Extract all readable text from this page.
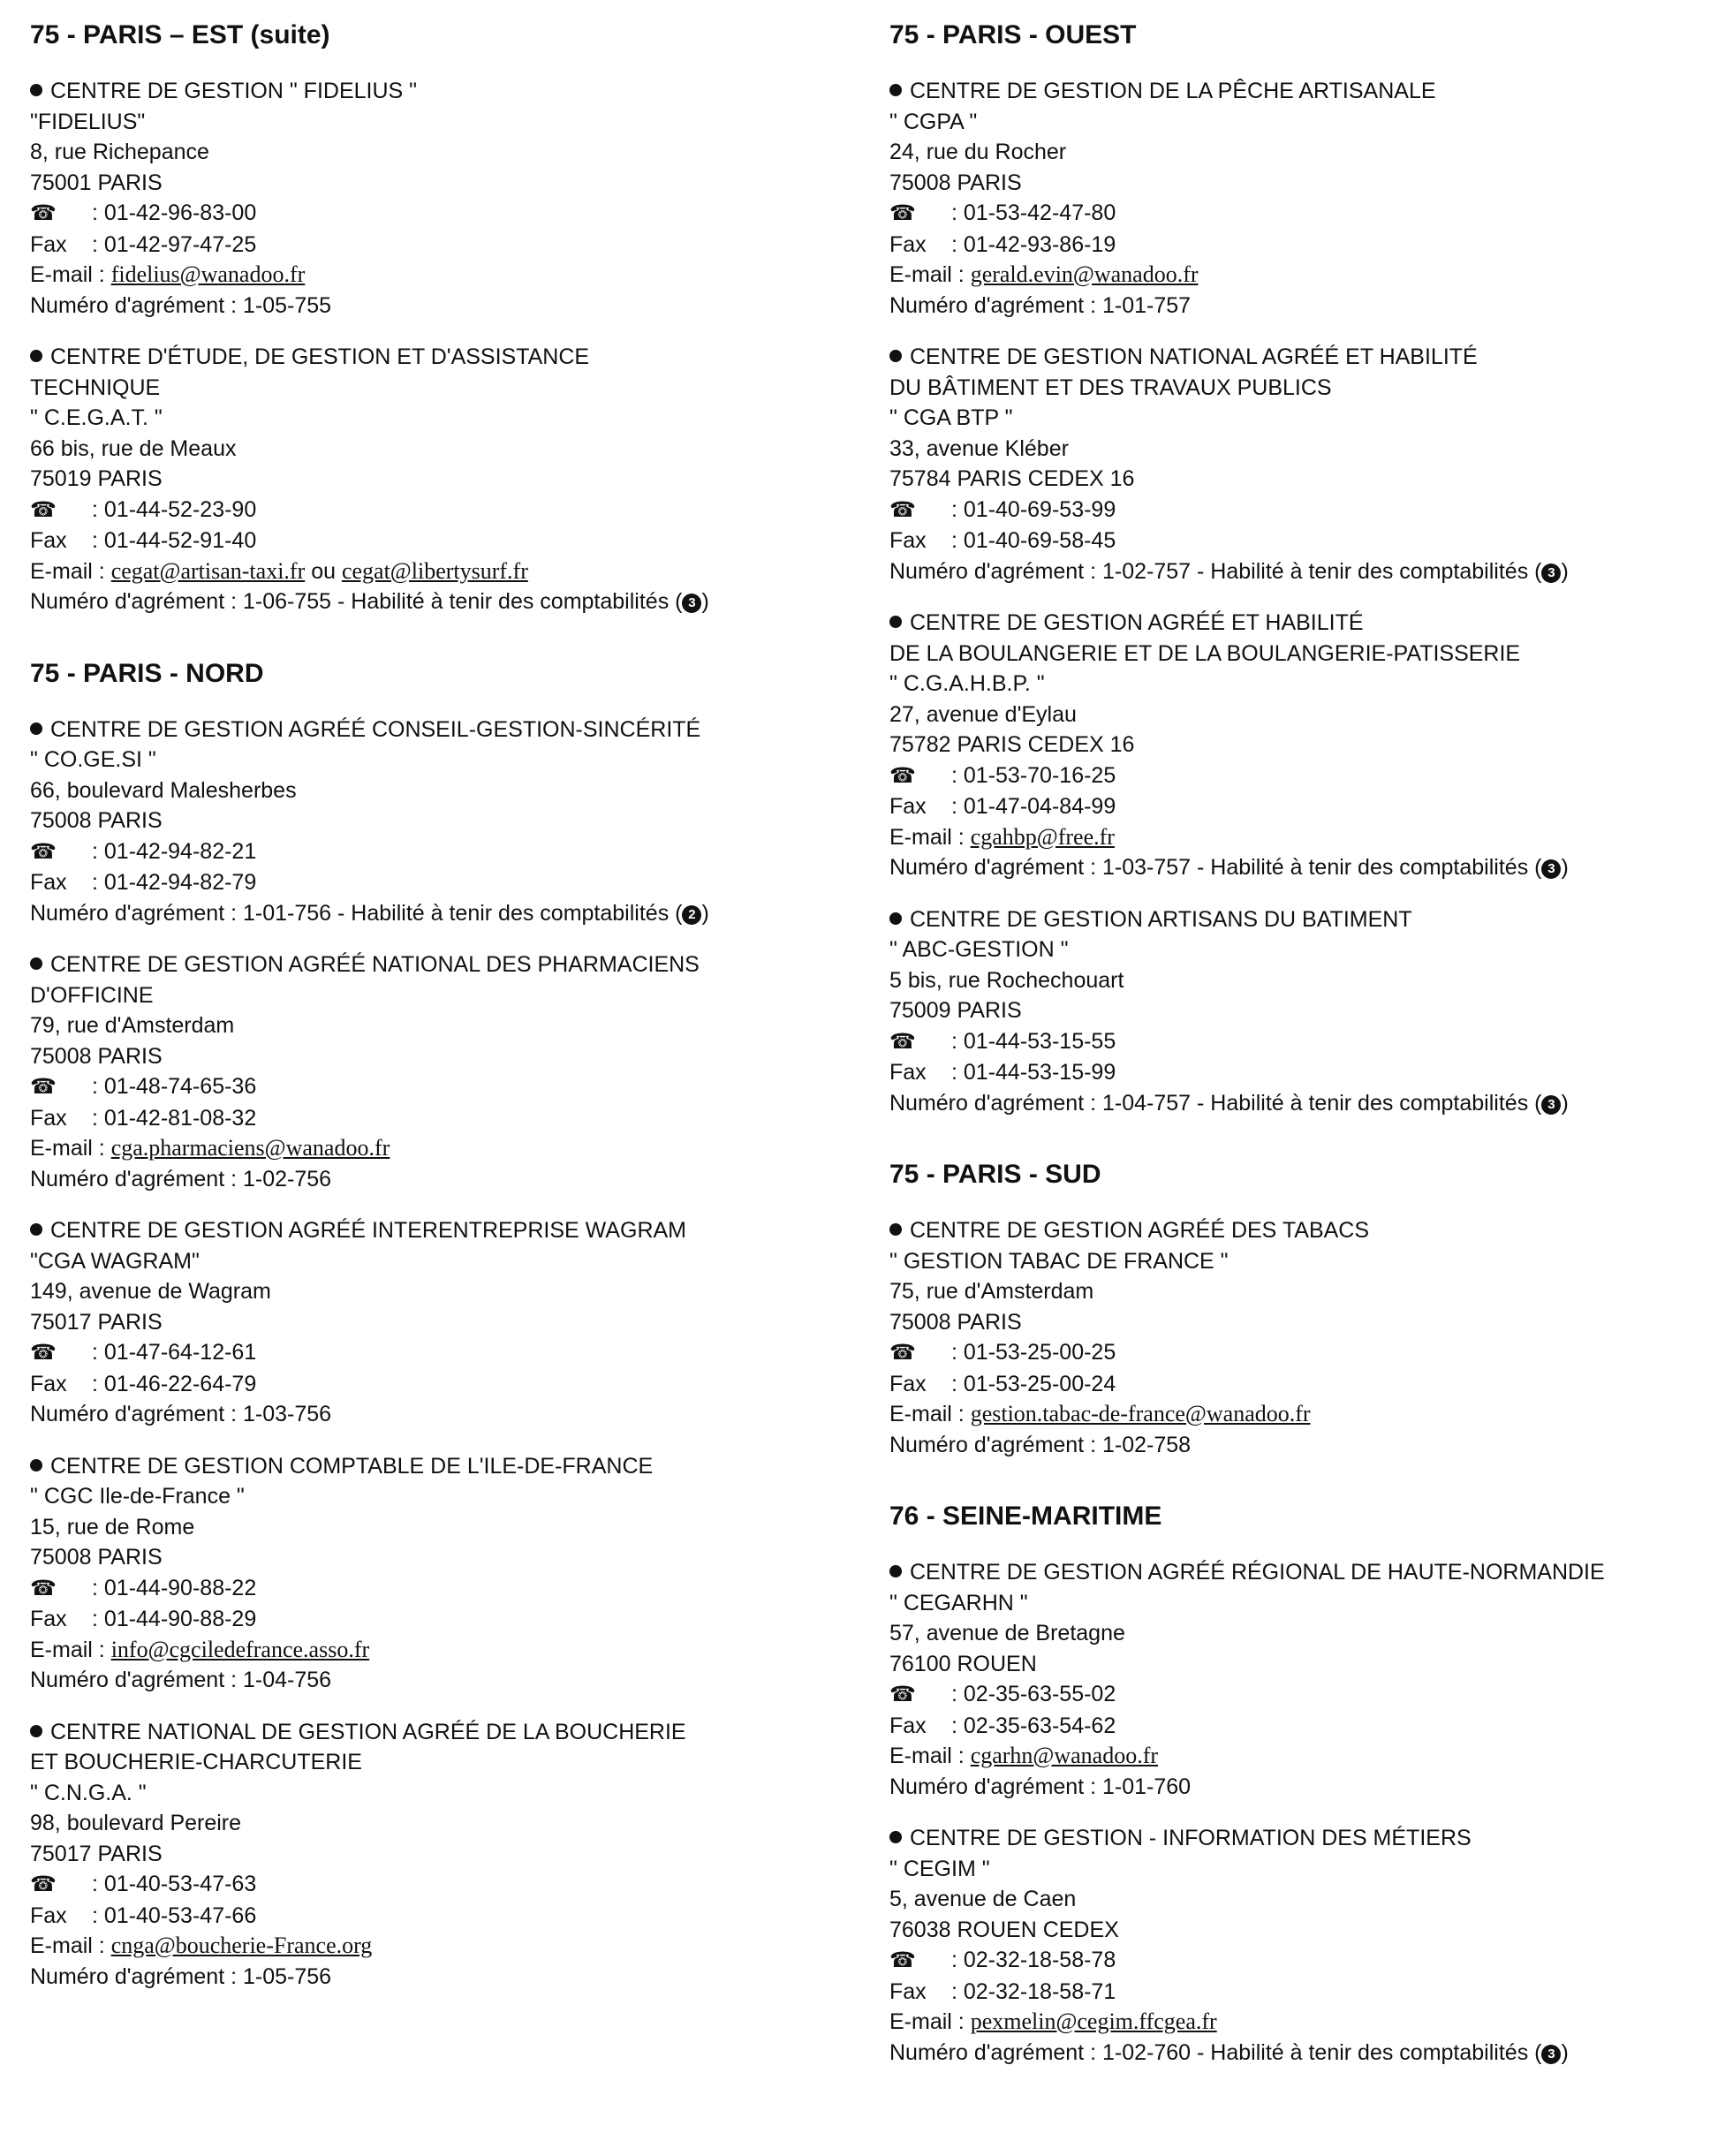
75 - PARIS – EST (suite)
CENTRE DE GESTION " FIDELIUS "
"FIDELIUS"
8, rue Richepance
75001 PARIS
☎ : 01-42-96-83-00
Fax : 01-42-97-47-25
E-mail : fidelius@wanadoo.fr
Numéro d'agrément : 1-05-755
CENTRE D'ÉTUDE, DE GESTION ET D'ASSISTANCE
TECHNIQUE
" C.E.G.A.T. "
66 bis, rue de Meaux
75019 PARIS
☎ : 01-44-52-23-90
Fax : 01-44-52-91-40
E-mail : cegat@artisan-taxi.fr ou cegat@libertysurf.fr
Numéro d'agrément : 1-06-755 - Habilité à tenir des comptabilités ( 3 )
75 - PARIS - NORD
CENTRE DE GESTION AGRÉÉ CONSEIL-GESTION-SINCÉRITÉ
" CO.GE.SI "
66, boulevard Malesherbes
75008 PARIS
☎ : 01-42-94-82-21
Fax : 01-42-94-82-79
Numéro d'agrément : 1-01-756 - Habilité à tenir des comptabilités ( 2 )
CENTRE DE GESTION AGRÉÉ NATIONAL DES PHARMACIENS
D'OFFICINE
79, rue d'Amsterdam
75008 PARIS
☎ : 01-48-74-65-36
Fax : 01-42-81-08-32
E-mail : cga.pharmaciens@wanadoo.fr
Numéro d'agrément : 1-02-756
CENTRE DE GESTION AGRÉÉ INTERENTREPRISE WAGRAM
"CGA WAGRAM"
149, avenue de Wagram
75017 PARIS
☎ : 01-47-64-12-61
Fax : 01-46-22-64-79
Numéro d'agrément : 1-03-756
CENTRE DE GESTION COMPTABLE DE L'ILE-DE-FRANCE
" CGC Ile-de-France "
15, rue de Rome
75008 PARIS
☎ : 01-44-90-88-22
Fax : 01-44-90-88-29
E-mail : info@cgciledefrance.asso.fr
Numéro d'agrément : 1-04-756
CENTRE NATIONAL DE GESTION AGRÉÉ DE LA BOUCHERIE
ET BOUCHERIE-CHARCUTERIE
" C.N.G.A. "
98, boulevard Pereire
75017 PARIS
☎ : 01-40-53-47-63
Fax : 01-40-53-47-66
E-mail : cnga@boucherie-France.org
Numéro d'agrément : 1-05-756
75 - PARIS - OUEST
CENTRE DE GESTION DE LA PÊCHE ARTISANALE
" CGPA "
24, rue du Rocher
75008 PARIS
☎ : 01-53-42-47-80
Fax : 01-42-93-86-19
E-mail : gerald.evin@wanadoo.fr
Numéro d'agrément : 1-01-757
CENTRE DE GESTION NATIONAL AGRÉÉ ET HABILITÉ
DU BÂTIMENT ET DES TRAVAUX PUBLICS
" CGA BTP "
33, avenue Kléber
75784 PARIS CEDEX 16
☎ : 01-40-69-53-99
Fax : 01-40-69-58-45
Numéro d'agrément : 1-02-757 - Habilité à tenir des comptabilités ( 3 )
CENTRE DE GESTION AGRÉÉ ET HABILITÉ
DE LA BOULANGERIE ET DE LA BOULANGERIE-PATISSERIE
" C.G.A.H.B.P. "
27, avenue d'Eylau
75782 PARIS CEDEX 16
☎ : 01-53-70-16-25
Fax : 01-47-04-84-99
E-mail : cgahbp@free.fr
Numéro d'agrément : 1-03-757 - Habilité à tenir des comptabilités ( 3 )
CENTRE DE GESTION ARTISANS DU BATIMENT
" ABC-GESTION "
5 bis, rue Rochechouart
75009 PARIS
☎ : 01-44-53-15-55
Fax : 01-44-53-15-99
Numéro d'agrément : 1-04-757 - Habilité à tenir des comptabilités ( 3 )
75 - PARIS - SUD
CENTRE DE GESTION AGRÉÉ DES TABACS
" GESTION TABAC DE FRANCE "
75, rue d'Amsterdam
75008 PARIS
☎ : 01-53-25-00-25
Fax : 01-53-25-00-24
E-mail : gestion.tabac-de-france@wanadoo.fr
Numéro d'agrément : 1-02-758
76 - SEINE-MARITIME
CENTRE DE GESTION AGRÉÉ RÉGIONAL DE HAUTE-NORMANDIE
" CEGARHN "
57, avenue de Bretagne
76100 ROUEN
☎ : 02-35-63-55-02
Fax : 02-35-63-54-62
E-mail : cgarhn@wanadoo.fr
Numéro d'agrément : 1-01-760
CENTRE DE GESTION - INFORMATION DES MÉTIERS
" CEGIM "
5, avenue de Caen
76038 ROUEN CEDEX
☎ : 02-32-18-58-78
Fax : 02-32-18-58-71
E-mail : pexmelin@cegim.ffcgea.fr
Numéro d'agrément : 1-02-760 - Habilité à tenir des comptabilités ( 3 )
